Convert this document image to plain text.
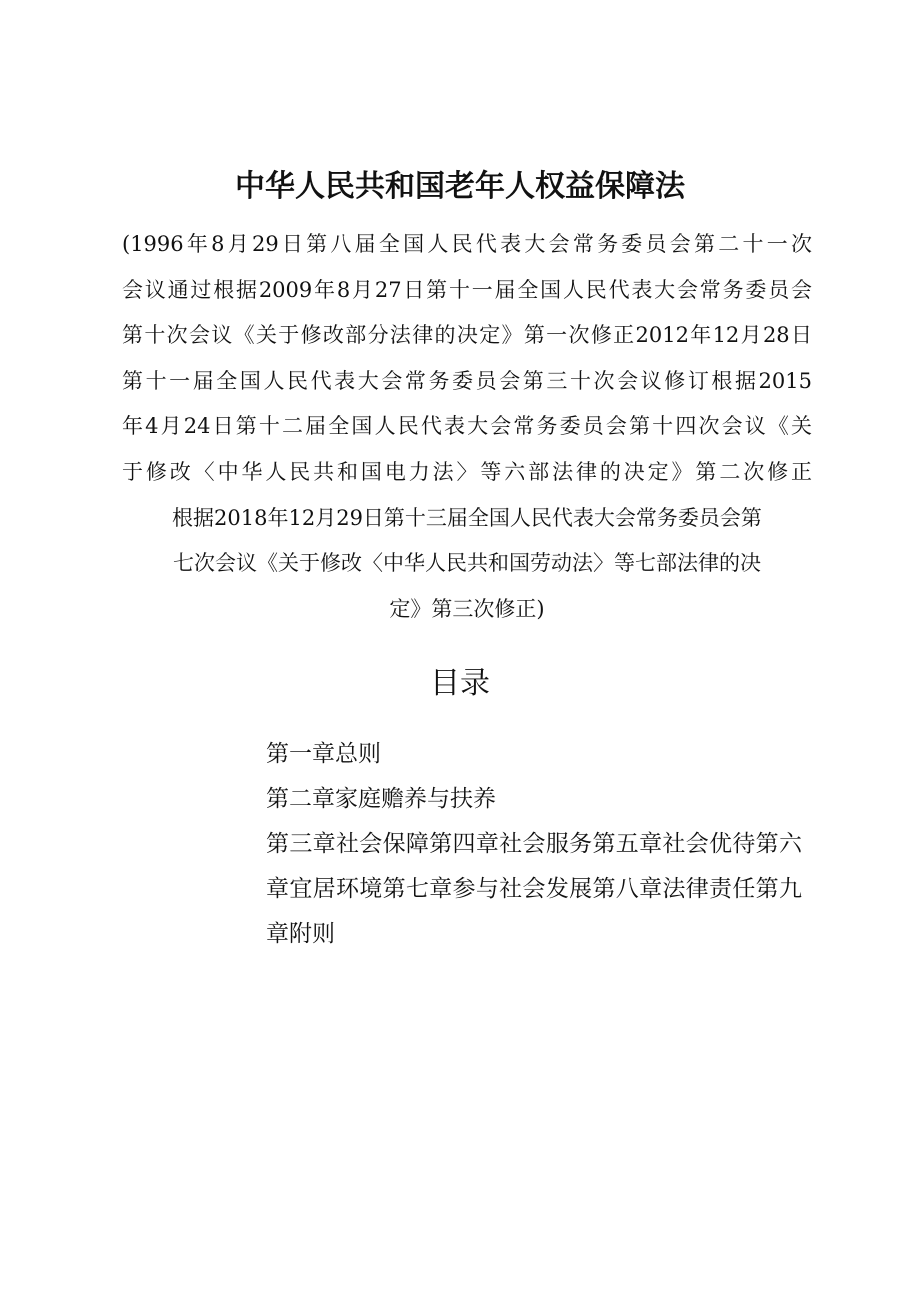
中华人民共和国老年人权益保障法
(1996年8月29日第八届全国人民代表大会常务委员会第二十一次
会议通过根据2009年8月27日第十一届全国人民代表大会常务委员会
第十次会议《关于修改部分法律的决定》第一次修正2012年12月28日
第十一届全国人民代表大会常务委员会第三十次会议修订根据2015
年4月24日第十二届全国人民代表大会常务委员会第十四次会议《关
于修改〈中华人民共和国电力法〉等六部法律的决定》第二次修正
根据2018年12月29日第十三届全国人民代表大会常务委员会第
七次会议《关于修改〈中华人民共和国劳动法〉等七部法律的决
定》第三次修正)
目录
第一章总则
第二章家庭赡养与扶养
第三章社会保障第四章社会服务第五章社会优待第六章宜居环境第七章参与社会发展第八章法律责任第九章附则
